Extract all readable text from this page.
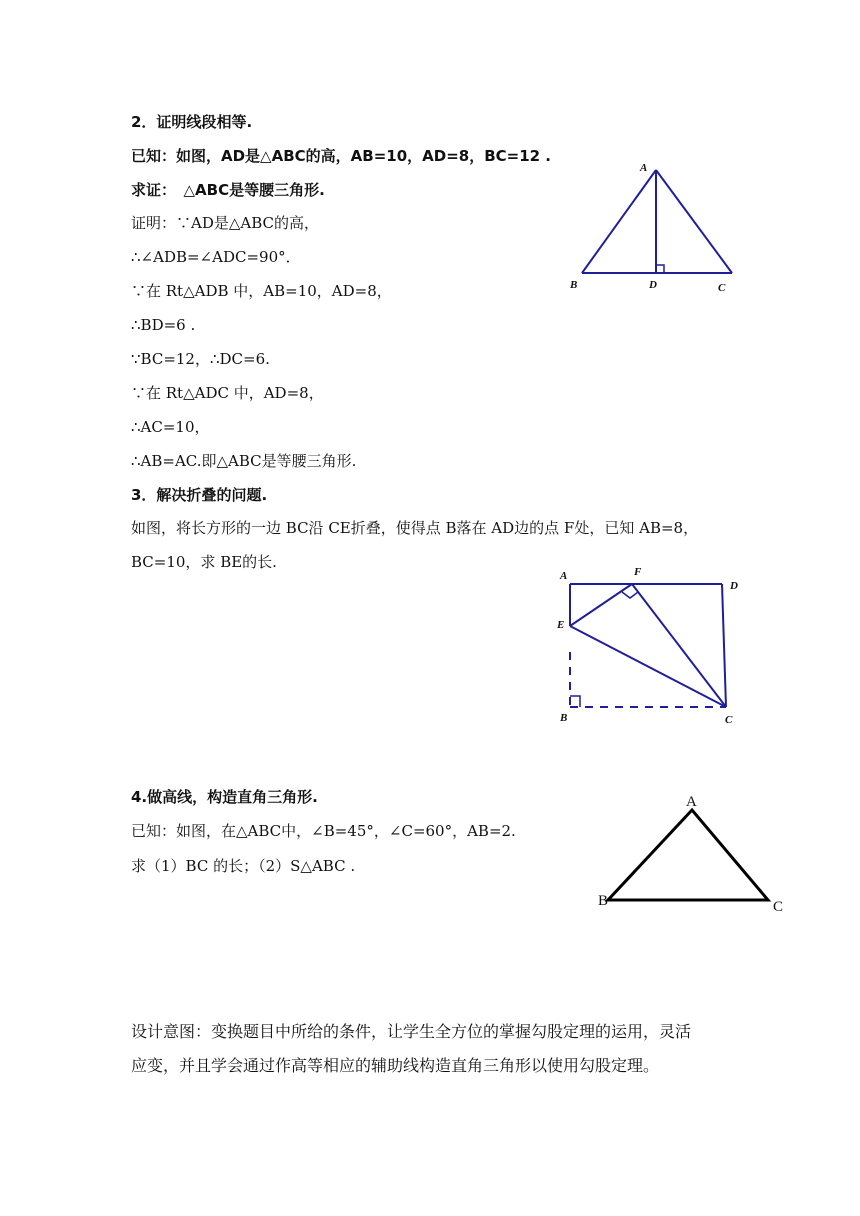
2．证明线段相等.
已知：如图，AD是△ABC的高，AB=10，AD=8，BC=12 .
求证：　△ABC是等腰三角形.
证明：∵AD是△ABC的高，
∴∠ADB=∠ADC=90°．
∵在 Rt△ADB 中，AB=10，AD=8，
∴BD=6 .
∵BC=12，∴DC=6.
∵在 Rt△ADC 中，AD=8，
∴AC=10，
∴AB=AC.即△ABC是等腰三角形.
A
B	D	C
3．解决折叠的问题.
如图，将长方形的一边 BC沿 CE折叠，使得点 B落在 AD边的点 F处，已知 AB=8，
BC=10，求 BE的长.
A	F
D
E
B	C
4.做高线，构造直角三角形.
已知：如图，在△ABC中，∠B=45°，∠C=60°，AB=2.
求（1）BC 的长；（2）S△ABC .
A
B	C
设计意图：变换题目中所给的条件，让学生全方位的掌握勾股定理的运用，灵活
应变，并且学会通过作高等相应的辅助线构造直角三角形以使用勾股定理。
